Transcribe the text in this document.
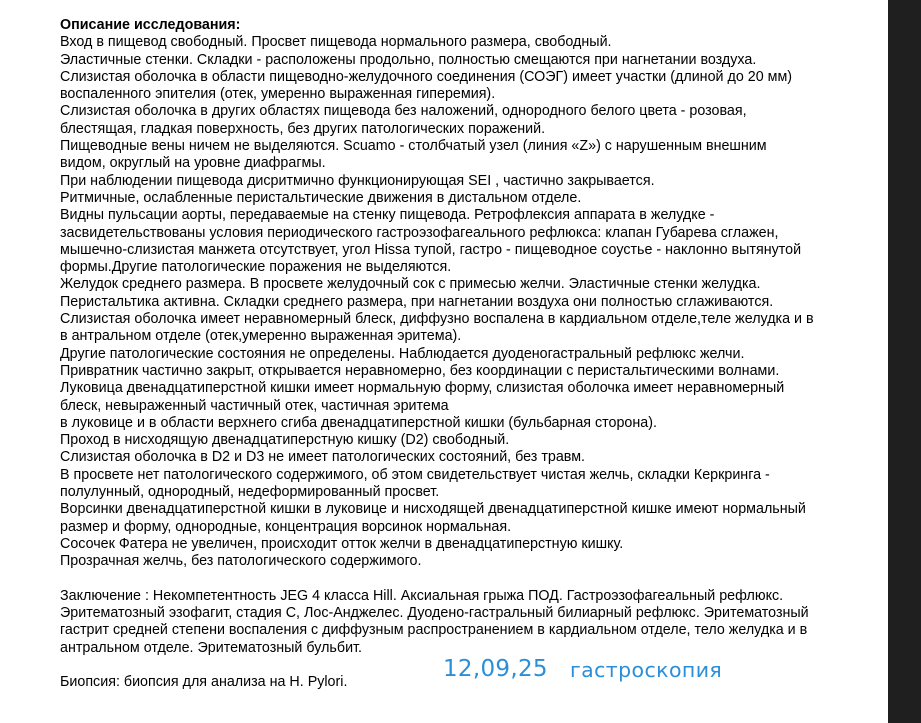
Описание исследования:

Вход в пищевод свободный. Просвет пищевода нормального размера, свободный.

Эластичные стенки. Складки - расположены продольно, полностью смещаются при нагнетании воздуха.

Слизистая оболочка в области пищеводно-желудочного соединения (СОЭГ) имеет участки (длиной до 20 мм)

воспаленного эпителия (отек, умеренно выраженная гиперемия).

Слизистая оболочка в других областях пищевода без наложений, однородного белого цвета - розовая,

блестящая, гладкая поверхность, без других патологических поражений.

Пищеводные вены ничем не выделяются. Scuamo - столбчатый узел (линия «Z») с нарушенным внешним

видом, округлый на уровне диафрагмы.

При наблюдении пищевода дисритмично функционирующая SEI , частично закрывается.

Ритмичные, ослабленные перистальтические движения в дистальном отделе.

Видны пульсации аорты, передаваемые на стенку пищевода. Ретрофлексия аппарата в желудке -

засвидетельствованы условия периодического гастроэзофагеального рефлюкса: клапан Губарева сглажен,

мышечно-слизистая манжета отсутствует, угол Hissa тупой, гастро - пищеводное соустье - наклонно вытянутой

формы.Другие патологические поражения не выделяются.

Желудок среднего размера. В просвете желудочный сок с примесью желчи. Эластичные стенки желудка.

Перистальтика активна. Складки среднего размера, при нагнетании воздуха они полностью сглаживаются.

Слизистая оболочка имеет неравномерный блеск, диффузно воспалена в кардиальном отделе,теле желудка и в

в антральном отделе (отек,умеренно выраженная эритема).

Другие патологические состояния не определены. Наблюдается дуоденогастральный рефлюкс желчи.

Привратник частично закрыт, открывается неравномерно, без координации с перистальтическими волнами.

Луковица двенадцатиперстной кишки имеет нормальную форму, слизистая оболочка имеет неравномерный

блеск, невыраженный частичный отек, частичная эритема

в луковице и в области верхнего сгиба двенадцатиперстной кишки (бульбарная сторона).

Проход в нисходящую двенадцатиперстную кишку (D2) свободный.

Слизистая оболочка в D2 и D3 не имеет патологических состояний, без травм.

В просвете нет патологического содержимого, об этом свидетельствует чистая желчь, складки Керкринга -

полулунный, однородный, недеформированный просвет.

Ворсинки двенадцатиперстной кишки в луковице и нисходящей двенадцатиперстной кишке имеют нормальный

размер и форму, однородные, концентрация ворсинок нормальная.

Сосочек Фатера не увеличен, происходит отток желчи в двенадцатиперстную кишку.

Прозрачная желчь, без патологического содержимого.

Заключение : Некомпетентность JEG 4 класса Hill. Аксиальная грыжа ПОД. Гастроэзофагеальный рефлюкс.

Эритематозный эзофагит, стадия С, Лос-Анджелес. Дуодено-гастральный билиарный рефлюкс. Эритематозный

гастрит средней степени воспаления с диффузным распространением в кардиальном отделе, тело желудка и в

антральном отделе. Эритематозный бульбит.

Биопсия: биопсия для анализа на H. Pylori.

12,09,25 гастроскопия
